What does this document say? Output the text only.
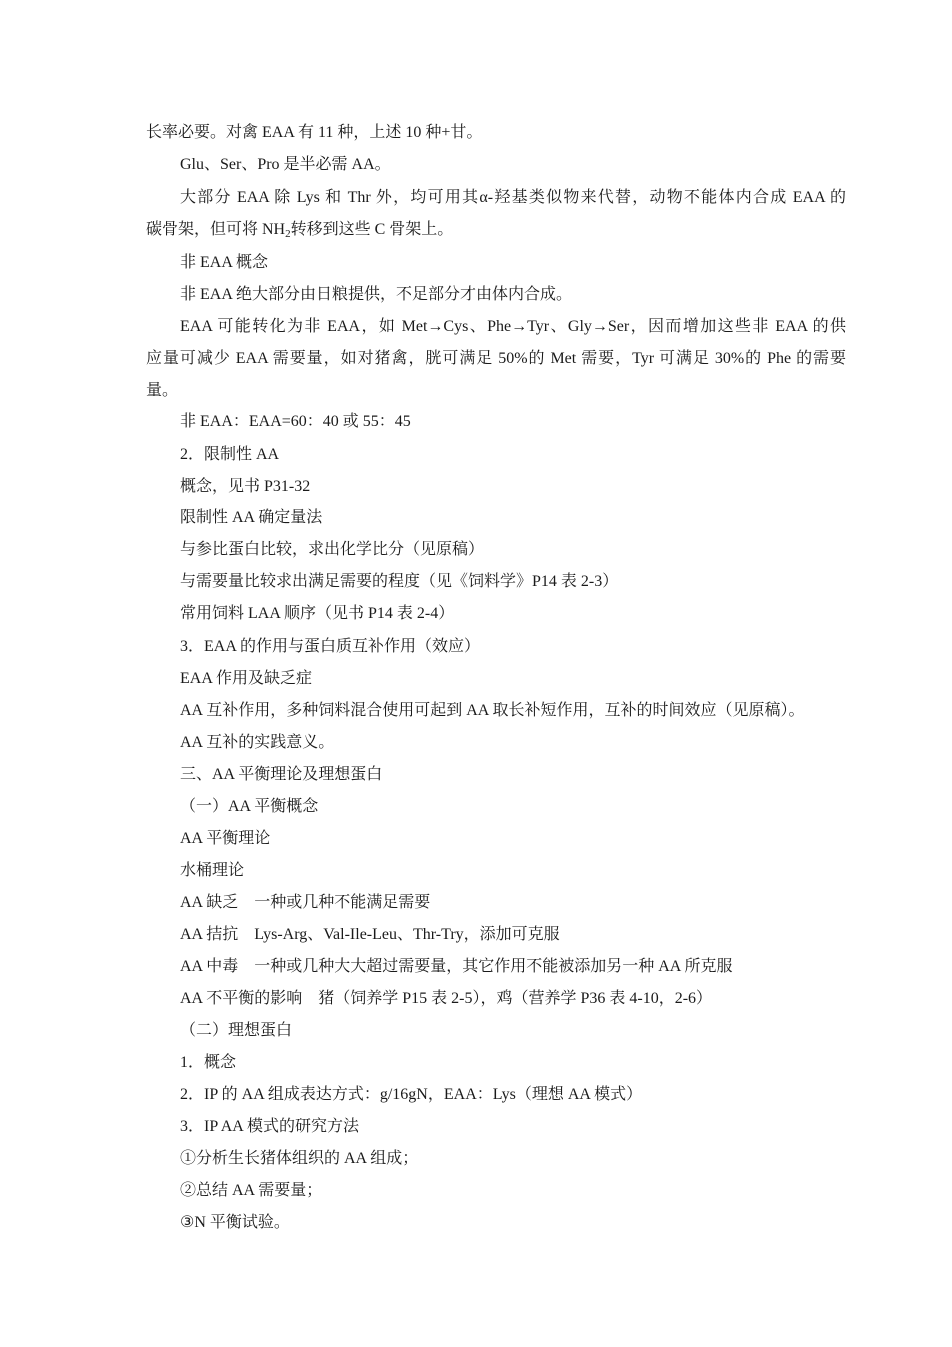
长率必要。对禽 EAA 有 11 种，上述 10 种+甘。

Glu、Ser、Pro 是半必需 AA。

大部分 EAA 除 Lys 和 Thr 外，均可用其α-羟基类似物来代替，动物不能体内合成 EAA 的

碳骨架，但可将 $NH_2$转移到这些 C 骨架上。

非 EAA 概念

非 EAA 绝大部分由日粮提供，不足部分才由体内合成。

EAA 可能转化为非 EAA，如 Met→Cys、Phe→Tyr、Gly→Ser，因而增加这些非 EAA 的供

应量可减少 EAA 需要量，如对猪禽，胱可满足 50%的 Met 需要，Tyr 可满足 30%的 Phe 的需要

量。

非 EAA：EAA=60：40 或 55：45

2．限制性 AA

概念，见书 P31-32

限制性 AA 确定量法

与参比蛋白比较，求出化学比分（见原稿）

与需要量比较求出满足需要的程度（见《饲料学》P14 表 2-3）

常用饲料 LAA 顺序（见书 P14 表 2-4）

3．EAA 的作用与蛋白质互补作用（效应）

EAA 作用及缺乏症

AA 互补作用，多种饲料混合使用可起到 AA 取长补短作用，互补的时间效应（见原稿）。

AA 互补的实践意义。

三、AA 平衡理论及理想蛋白

（一）AA 平衡概念

AA 平衡理论

水桶理论

AA 缺乏 一种或几种不能满足需要

AA 拮抗 Lys-Arg、Val-Ile-Leu、Thr-Try，添加可克服

AA 中毒 一种或几种大大超过需要量，其它作用不能被添加另一种 AA 所克服

AA 不平衡的影响 猪（饲养学 P15 表 2-5），鸡（营养学 P36 表 4-10，2-6）

（二）理想蛋白

1．概念

2．IP 的 AA 组成表达方式：g/16gN，EAA：Lys（理想 AA 模式）

3．IP AA 模式的研究方法

①分析生长猪体组织的 AA 组成；

②总结 AA 需要量；

③N 平衡试验。
